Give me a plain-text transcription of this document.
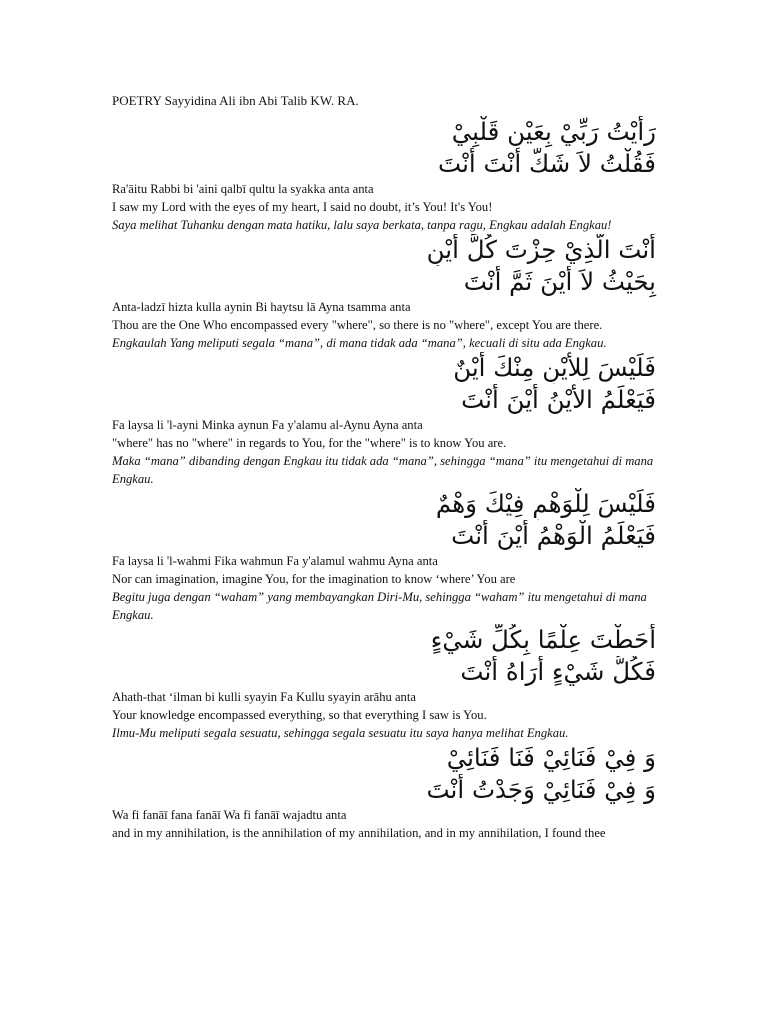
POETRY Sayyidina Ali ibn Abi Talib KW. RA.
رَأَيْتُ رَبِّيْ بِعَيْنِ قَلْبِيْ
فَقُلْتُ لاَ شَكَّ أَنْتَ أَنْتَ
Ra'āitu Rabbi bi 'aini qalbī qultu la syakka anta anta
I saw my Lord with the eyes of my heart, I said no doubt, it’s You! It's You!
Saya melihat Tuhanku dengan mata hatiku, lalu saya berkata, tanpa ragu, Engkau adalah Engkau!
أَنْتَ الَّذِيْ حِزْتَ كُلَّ أَيْنٍ
بِحَيْثُ لاَ أَيْنَ ثَمَّ أَنْتَ
Anta-ladzī hizta kulla aynin Bi haytsu lā Ayna tsamma anta
Thou are the One Who encompassed every "where", so there is no "where", except You are there.
Engkaulah Yang meliputi segala “mana”, di mana tidak ada “mana”, kecuali di situ ada Engkau.
فَلَيْسَ لِلأَيْنِ مِنْكَ أَيْنٌ
فَيَعْلَمُ الأَيْنُ أَيْنَ أَنْتَ
Fa laysa li 'l-ayni Minka aynun Fa y'alamu al-Aynu Ayna anta
"where" has no "where" in regards to You, for the "where" is to know You are.
Maka “mana” dibanding dengan Engkau itu tidak ada “mana”, sehingga “mana” itu mengetahui di mana Engkau.
فَلَيْسَ لِلْوَهْمِ فِيْكَ وَهْمٌ
فَيَعْلَمُ الْوَهْمُ أَيْنَ أَنْتَ
Fa laysa li 'l-wahmi Fika wahmun Fa y'alamul wahmu Ayna anta
Nor can imagination, imagine You, for the imagination to know ‘where’ You are
Begitu juga dengan “waham” yang membayangkan Diri-Mu, sehingga “waham” itu mengetahui di mana Engkau.
أَحَطْتَ عِلْمًا بِكُلِّ شَيْءٍ
فَكُلُّ شَيْءٍ أَرَاهُ أَنْتَ
Ahath-that ‘ilman bi kulli syayin Fa Kullu syayin arāhu anta
Your knowledge encompassed everything, so that everything I saw is You.
Ilmu-Mu meliputi segala sesuatu, sehingga segala sesuatu itu saya hanya melihat Engkau.
وَ فِيْ فَنَائِيْ فَنَا فَنَائِيْ
وَ فِيْ فَنَائِيْ وَجَدْتُ أَنْتَ
Wa fi fanāī fana fanāī Wa fi fanāī wajadtu anta
and in my annihilation, is the annihilation of my annihilation, and in my annihilation, I found thee
